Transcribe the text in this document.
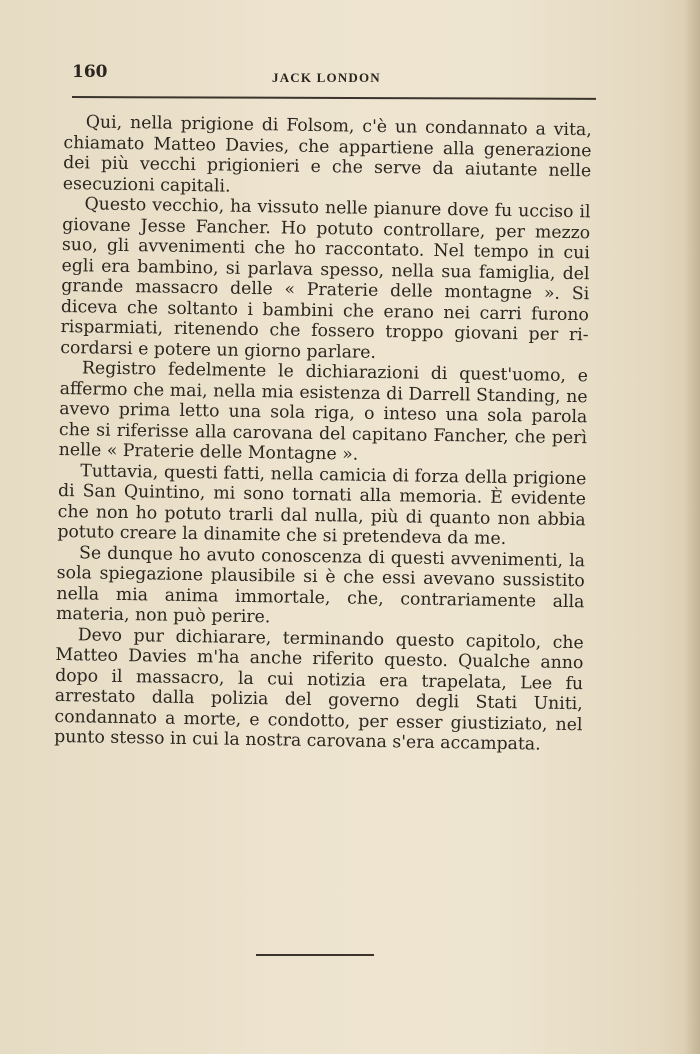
160	JACK LONDON

Qui, nella prigione di Folsom, c'è un condannato a vita, chiamato Matteo Davies, che appartiene alla generazione dei più vecchi prigionieri e che serve da aiutante nelle esecuzioni capitali.

Questo vecchio, ha vissuto nelle pianure dove fu ucciso il giovane Jesse Fancher. Ho potuto controllare, per mezzo suo, gli avvenimenti che ho raccontato. Nel tempo in cui egli era bambino, si parlava spesso, nella sua famiglia, del grande massacro delle « Praterie delle montagne ». Si diceva che soltanto i bambini che erano nei carri furono risparmiati, ritenendo che fossero troppo giovani per ricordarsi e potere un giorno parlare.

Registro fedelmente le dichiarazioni di quest'uomo, e affermo che mai, nella mia esistenza di Darrell Standing, ne avevo prima letto una sola riga, o inteso una sola parola che si riferisse alla carovana del capitano Fancher, che perì nelle « Praterie delle Montagne ».

Tuttavia, questi fatti, nella camicia di forza della prigione di San Quintino, mi sono tornati alla memoria. È evidente che non ho potuto trarli dal nulla, più di quanto non abbia potuto creare la dinamite che si pretendeva da me.

Se dunque ho avuto conoscenza di questi avvenimenti, la sola spiegazione plausibile si è che essi avevano sussistito nella mia anima immortale, che, contrariamente alla materia, non può perire.

Devo pur dichiarare, terminando questo capitolo, che Matteo Davies m'ha anche riferito questo. Qualche anno dopo il massacro, la cui notizia era trapelata, Lee fu arrestato dalla polizia del governo degli Stati Uniti, condannato a morte, e condotto, per esser giustiziato, nel punto stesso in cui la nostra carovana s'era accampata.
